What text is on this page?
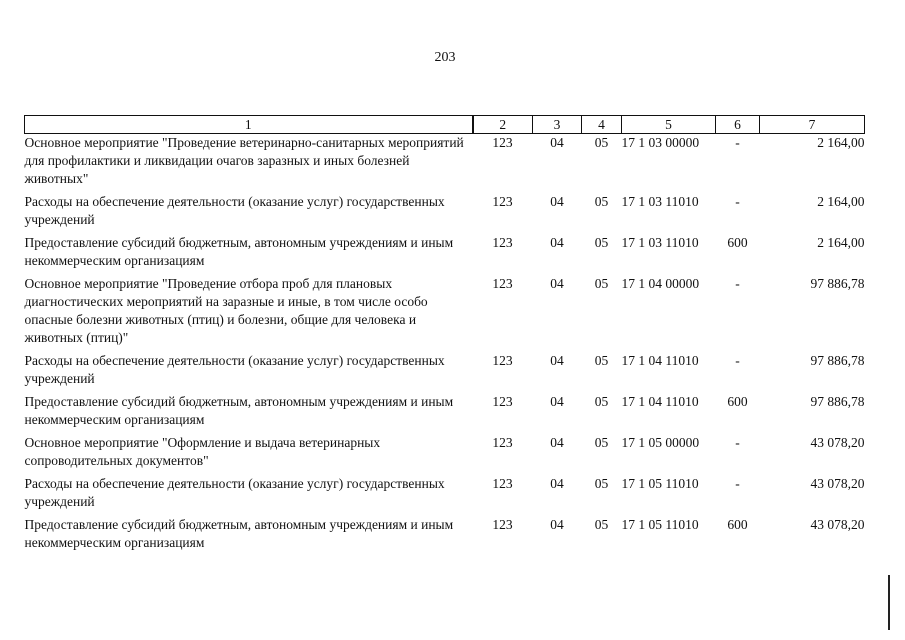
203
1	2	3	4	5	6	7
Основное мероприятие "Проведение ветеринарно-санитарных мероприятий для профилактики и ликвидации очагов заразных и иных болезней животных"	123	04	05	17 1 03 00000	-	2 164,00
Расходы на обеспечение деятельности (оказание услуг) государственных учреждений	123	04	05	17 1 03 11010	-	2 164,00
Предоставление субсидий бюджетным, автономным учреждениям и иным некоммерческим организациям	123	04	05	17 1 03 11010	600	2 164,00
Основное мероприятие "Проведение отбора проб для плановых диагностических мероприятий на заразные и иные, в том числе особо опасные болезни животных (птиц) и болезни, общие для человека и животных (птиц)"	123	04	05	17 1 04 00000	-	97 886,78
Расходы на обеспечение деятельности (оказание услуг) государственных учреждений	123	04	05	17 1 04 11010	-	97 886,78
Предоставление субсидий бюджетным, автономным учреждениям и иным некоммерческим организациям	123	04	05	17 1 04 11010	600	97 886,78
Основное мероприятие "Оформление и выдача ветеринарных сопроводительных документов"	123	04	05	17 1 05 00000	-	43 078,20
Расходы на обеспечение деятельности (оказание услуг) государственных учреждений	123	04	05	17 1 05 11010	-	43 078,20
Предоставление субсидий бюджетным, автономным учреждениям и иным некоммерческим организациям	123	04	05	17 1 05 11010	600	43 078,20
